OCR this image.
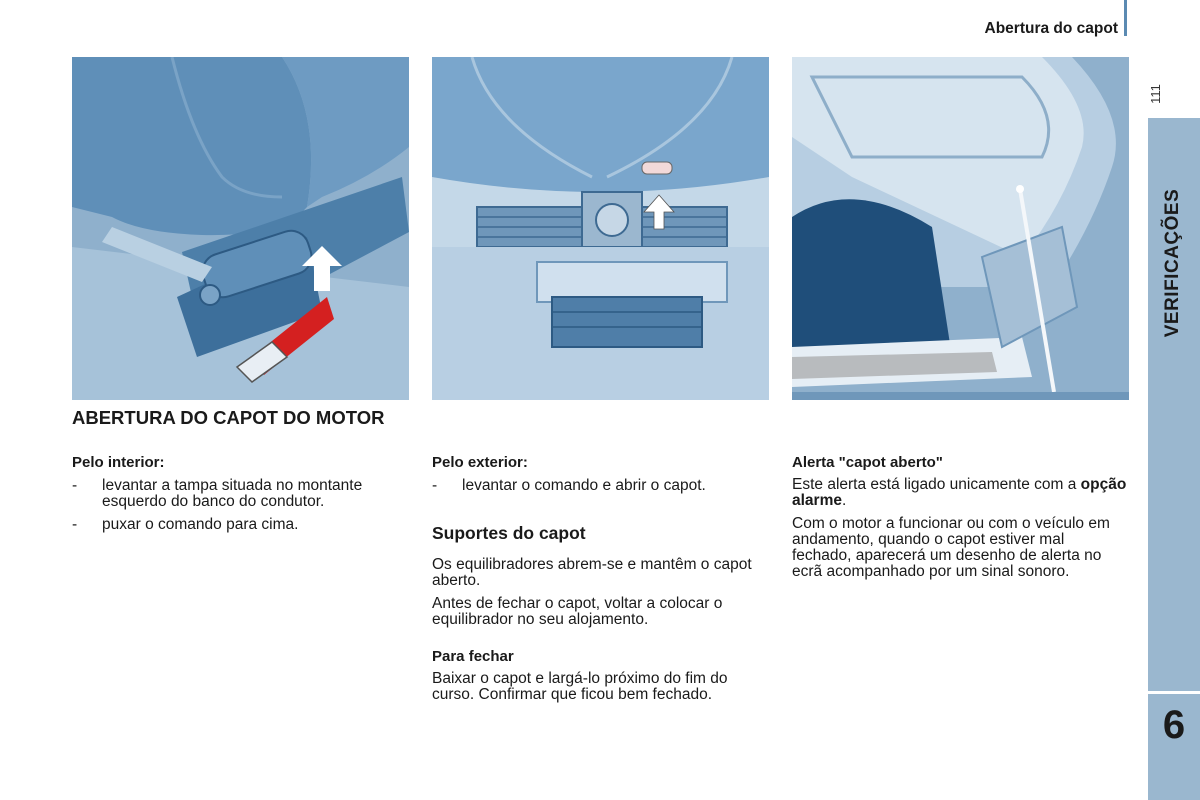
Abertura do capot
111
VERIFICAÇÕES
6
ABERTURA DO CAPOT DO MOTOR
Pelo interior:
-	levantar a tampa situada no montante esquerdo do banco do condutor.
-	puxar o comando para cima.
Pelo exterior:
-	levantar o comando e abrir o capot.
Suportes do capot
Os equilibradores abrem-se e mantêm o capot aberto.
Antes de fechar o capot, voltar a colocar o equilibrador no seu alojamento.
Para fechar
Baixar o capot e largá-lo próximo do fim do curso. Confirmar que ficou bem fechado.
Alerta "capot aberto"
Este alerta está ligado unicamente com a opção alarme.
Com o motor a funcionar ou com o veículo em andamento, quando o capot estiver mal fechado, aparecerá um desenho de alerta no ecrã acompanhado por um sinal sonoro.
